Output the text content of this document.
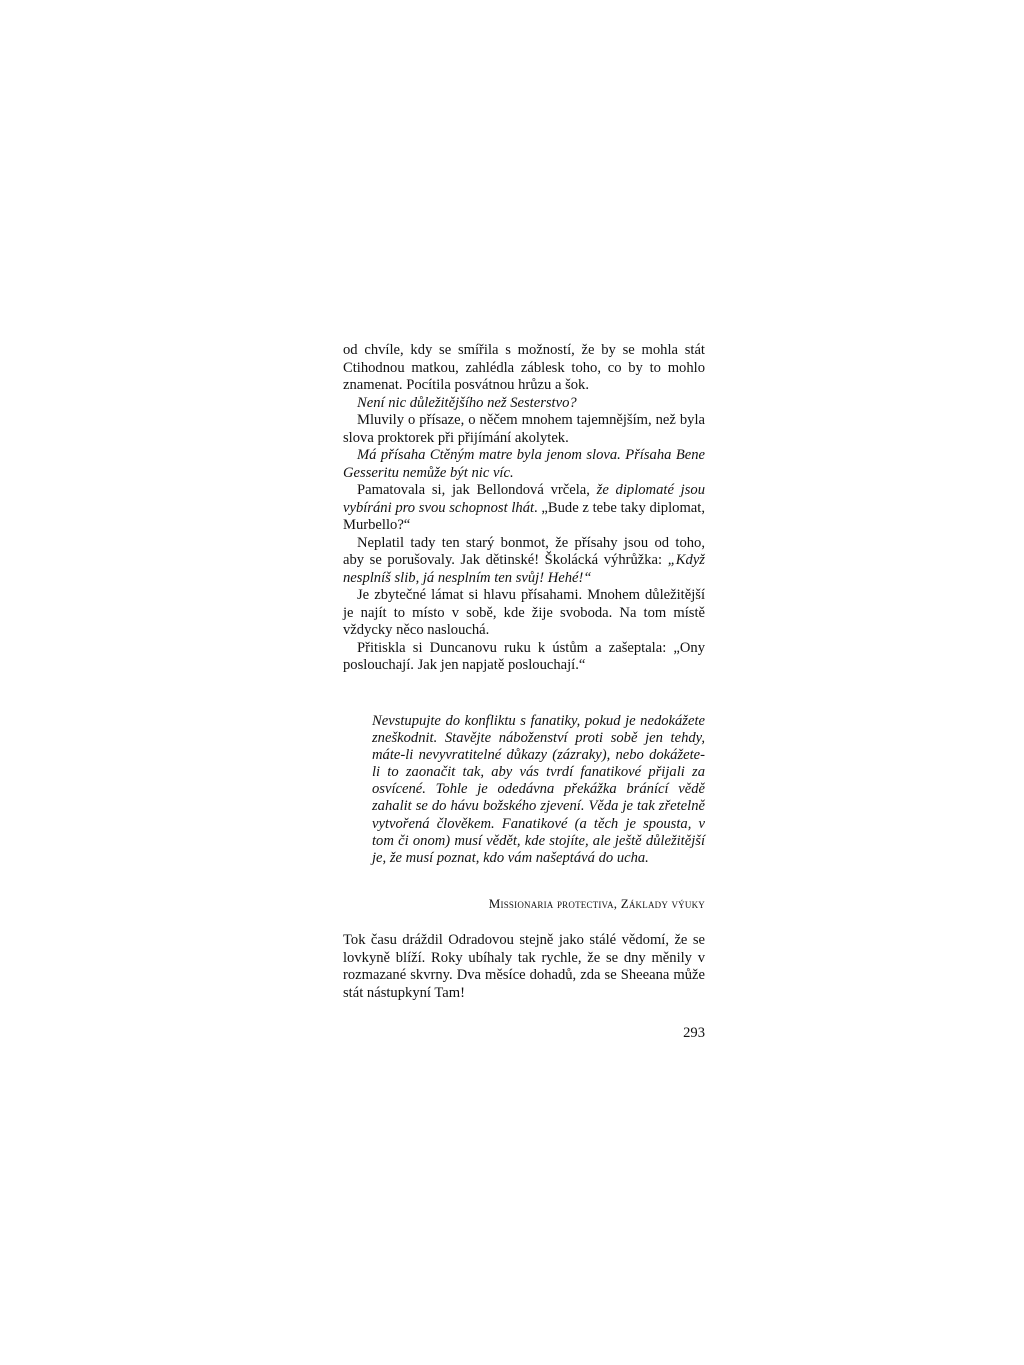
od chvíle, kdy se smířila s možností, že by se mohla stát Ctihodnou matkou, zahlédla záblesk toho, co by to mohlo znamenat. Pocítila posvátnou hrůzu a šok.

Není nic důležitějšího než Sesterstvo?

Mluvily o přísaze, o něčem mnohem tajemnějším, než byla slova proktorek při přijímání akolytek.

Má přísaha Ctěným matre byla jenom slova. Přísaha Bene Gesseritu nemůže být nic víc.

Pamatovala si, jak Bellondová vrčela, že diplomaté jsou vybíráni pro svou schopnost lhát. „Bude z tebe taky diplomat, Murbello?“

Neplatil tady ten starý bonmot, že přísahy jsou od toho, aby se porušovaly. Jak dětinské! Školácká výhrůžka: „Když nesplníš slib, já nesplním ten svůj! Hehé!“

Je zbytečné lámat si hlavu přísahami. Mnohem důležitější je najít to místo v sobě, kde žije svoboda. Na tom místě vždycky něco naslouchá.

Přitiskla si Duncanovu ruku k ústům a zašeptala: „Ony poslouchají. Jak jen napjatě poslouchají.“

Nevstupujte do konfliktu s fanatiky, pokud je nedokážete zneškodnit. Stavějte náboženství proti sobě jen tehdy, máte-li nevyvratitelné důkazy (zázraky), nebo dokážete-li to zaonačit tak, aby vás tvrdí fanatikové přijali za osvícené. Tohle je odedávna překážka bránící vědě zahalit se do hávu božského zjevení. Věda je tak zřetelně vytvořená člověkem. Fanatikové (a těch je spousta, v tom či onom) musí vědět, kde stojíte, ale ještě důležitější je, že musí poznat, kdo vám našeptává do ucha.

Missionaria protectiva, Základy výuky

Tok času dráždil Odradovou stejně jako stálé vědomí, že se lovkyně blíží. Roky ubíhaly tak rychle, že se dny měnily v rozmazané skvrny. Dva měsíce dohadů, zda se Sheeana může stát nástupkyní Tam!

293
